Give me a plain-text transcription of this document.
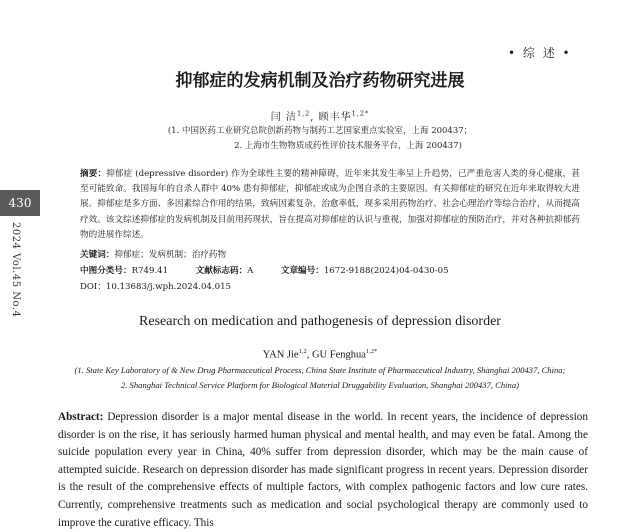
430
2024 Vol.45 No.4
• 综 述 •
抑郁症的发病机制及治疗药物研究进展
闫 洁$^{1,2}$, 顾丰华$^{1,2*}$
(1. 中国医药工业研究总院创新药物与制药工艺国家重点实验室，上海 200437；
2. 上海市生物物质成药性评价技术服务平台，上海 200437)
摘要：抑郁症 (depressive disorder) 作为全球性主要的精神障碍，近年来其发生率呈上升趋势，已严重危害人类的身心健康，甚至可能致命。我国每年的自杀人群中 40% 患有抑郁症，抑郁症或成为企图自杀的主要原因。有关抑郁症的研究在近年来取得较大进展。抑郁症是多方面、多因素综合作用的结果，致病因素复杂，治愈率低，现多采用药物治疗、社会心理治疗等综合治疗，从而提高疗效。该文综述抑郁症的发病机制及目前用药现状，旨在提高对抑郁症的认识与重视，加强对抑郁症的预防治疗，并对各种抗抑郁药物的进展作综述。
关键词：抑郁症；发病机制；治疗药物
中图分类号：R749.41	文献标志码：A	文章编号：1672-9188(2024)04-0430-05
DOI：10.13683/j.wph.2024.04.015
Research on medication and pathogenesis of depression disorder
YAN Jie$^{1,2}$, GU Fenghua$^{1,2*}$
(1. State Key Laboratory of & New Drug Pharmaceutical Process, China State Institute of Pharmaceutical Industry, Shanghai 200437, China;
2. Shanghai Technical Service Platform for Biological Material Druggability Evaluation, Shanghai 200437, China)
Abstract: Depression disorder is a major mental disease in the world. In recent years, the incidence of depression disorder is on the rise, it has seriously harmed human physical and mental health, and may even be fatal. Among the suicide population every year in China, 40% suffer from depression disorder, which may be the main cause of attempted suicide. Research on depression disorder has made significant progress in recent years. Depression disorder is the result of the comprehensive effects of multiple factors, with complex pathogenic factors and low cure rates. Currently, comprehensive treatments such as medication and social psychological therapy are commonly used to improve the curative efficacy. This
